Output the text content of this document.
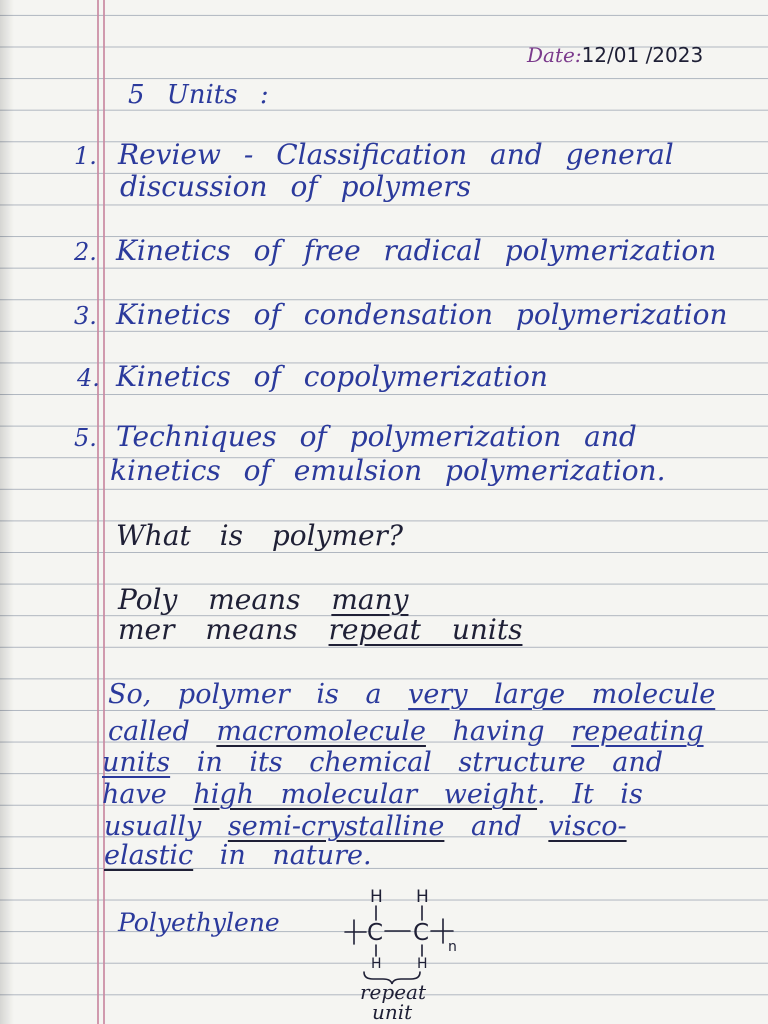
Date:12/01 /2023
5 Units :
1. Review - Classification and general
discussion of polymers
2. Kinetics of free radical polymerization
3. Kinetics of condensation polymerization
4. Kinetics of copolymerization
5. Techniques of polymerization and
kinetics of emulsion polymerization.
What is polymer?
Poly means many
mer means repeat units
So, polymer is a very large molecule
called macromolecule having repeating
units in its chemical structure and
have high molecular weight. It is
usually semi-crystalline and visco-
elastic in nature.
Polyethylene
H H
C C
n
H	H
repeat
unit
